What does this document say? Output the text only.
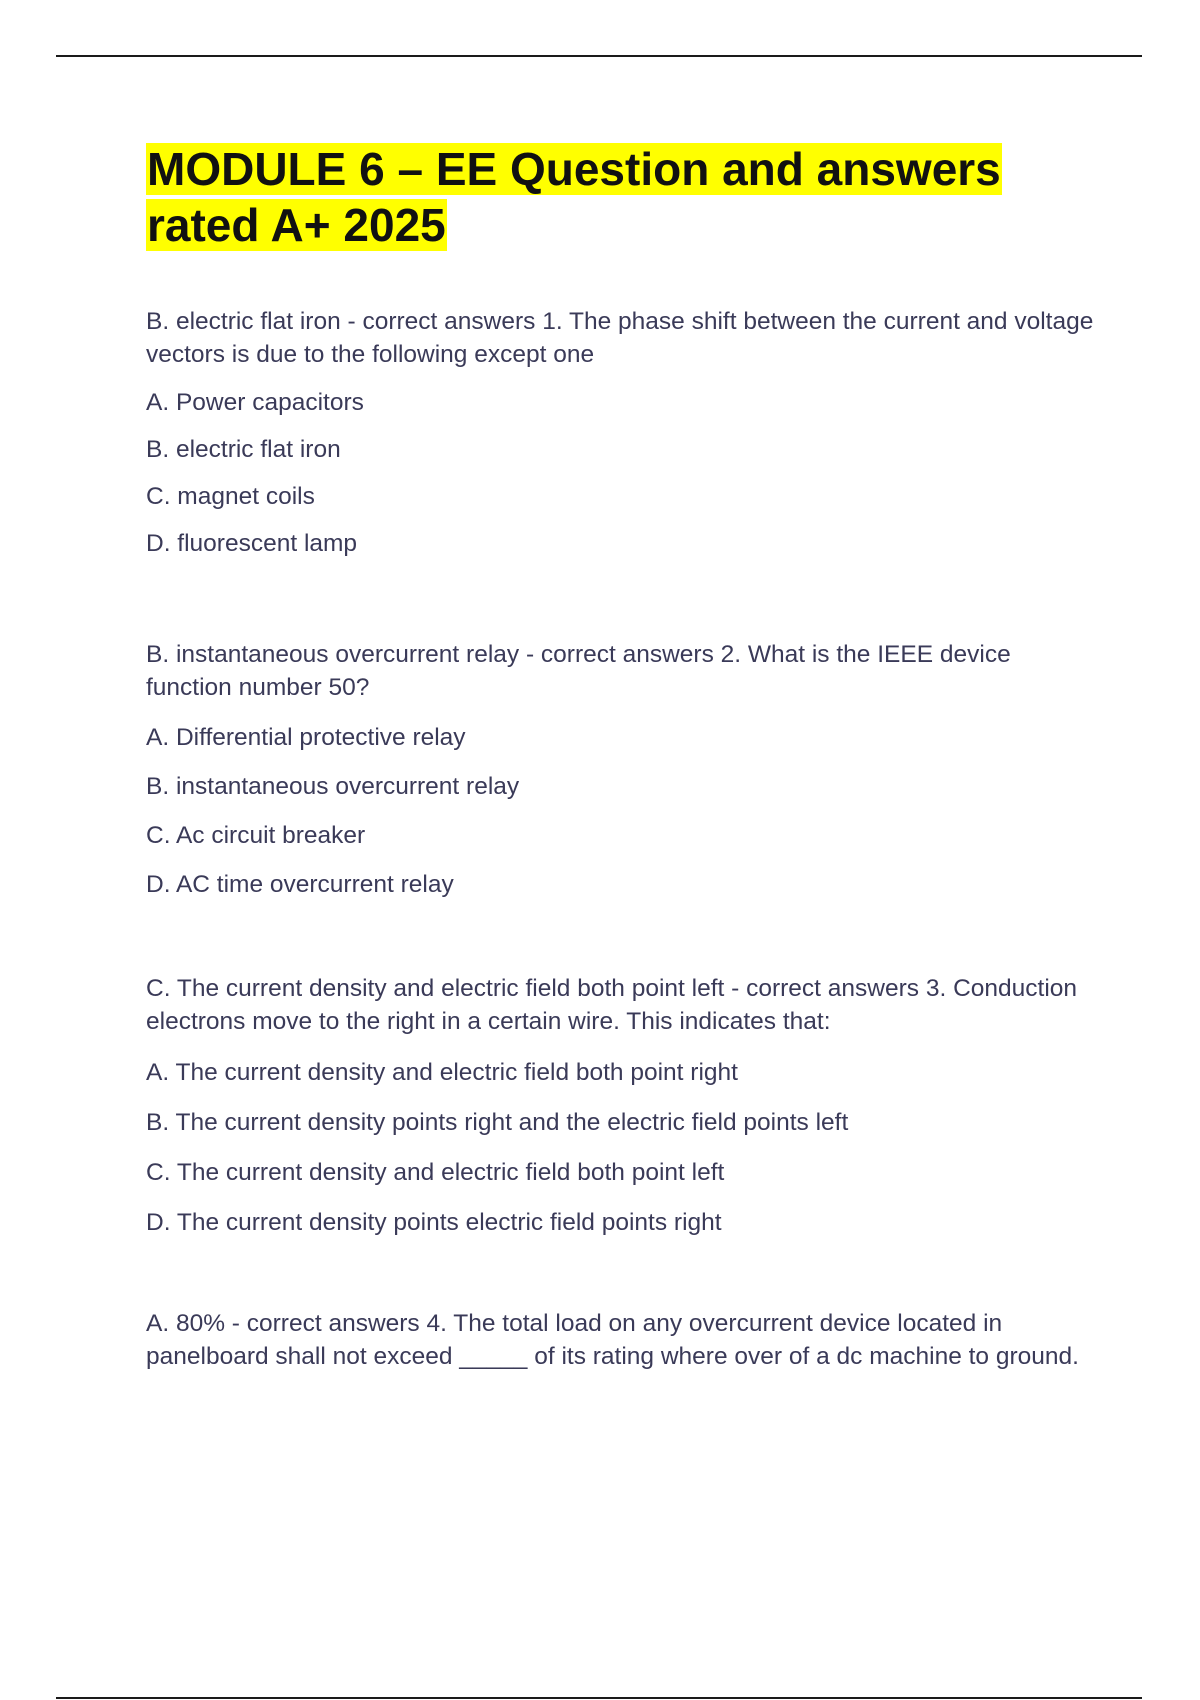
MODULE 6 – EE Question and answers
rated A+ 2025

B. electric flat iron - correct answers 1. The phase shift between the current and voltage vectors is due to the following except one

A. Power capacitors

B. electric flat iron

C. magnet coils

D. fluorescent lamp

B. instantaneous overcurrent relay - correct answers 2. What is the IEEE device function number 50?

A. Differential protective relay

B. instantaneous overcurrent relay

C. Ac circuit breaker

D. AC time overcurrent relay

C. The current density and electric field both point left - correct answers 3. Conduction electrons move to the right in a certain wire. This indicates that:

A. The current density and electric field both point right

B. The current density points right and the electric field points left

C. The current density and electric field both point left

D. The current density points electric field points right

A. 80% - correct answers 4. The total load on any overcurrent device located in panelboard shall not exceed _____ of its rating where over of a dc machine to ground.
